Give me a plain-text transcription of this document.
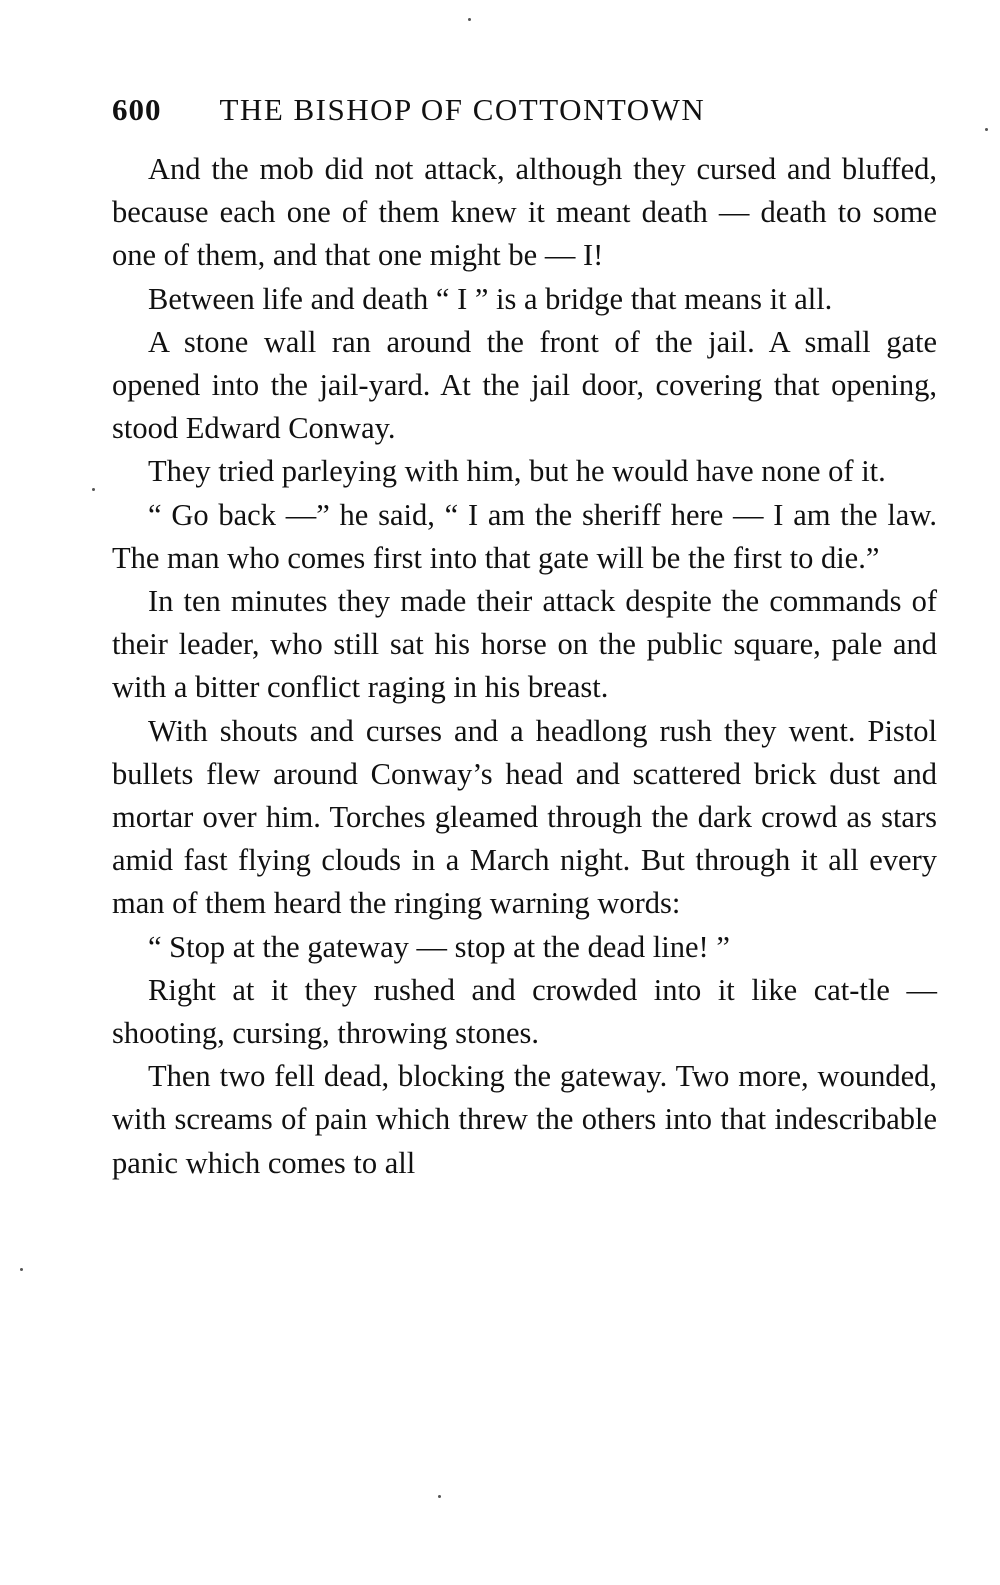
600 THE BISHOP OF COTTONTOWN

And the mob did not attack, although they cursed and bluffed, because each one of them knew it meant death — death to some one of them, and that one might be — I!

Between life and death “ I ” is a bridge that means it all.

A stone wall ran around the front of the jail. A small gate opened into the jail-yard. At the jail door, covering that opening, stood Edward Conway.

They tried parleying with him, but he would have none of it.

“ Go back —” he said, “ I am the sheriff here — I am the law. The man who comes first into that gate will be the first to die.”

In ten minutes they made their attack despite the commands of their leader, who still sat his horse on the public square, pale and with a bitter conflict raging in his breast.

With shouts and curses and a headlong rush they went. Pistol bullets flew around Conway’s head and scattered brick dust and mortar over him. Torches gleamed through the dark crowd as stars amid fast flying clouds in a March night. But through it all every man of them heard the ringing warning words:

“ Stop at the gateway — stop at the dead line! ”

Right at it they rushed and crowded into it like cat-tle — shooting, cursing, throwing stones.

Then two fell dead, blocking the gateway. Two more, wounded, with screams of pain which threw the others into that indescribable panic which comes to all
